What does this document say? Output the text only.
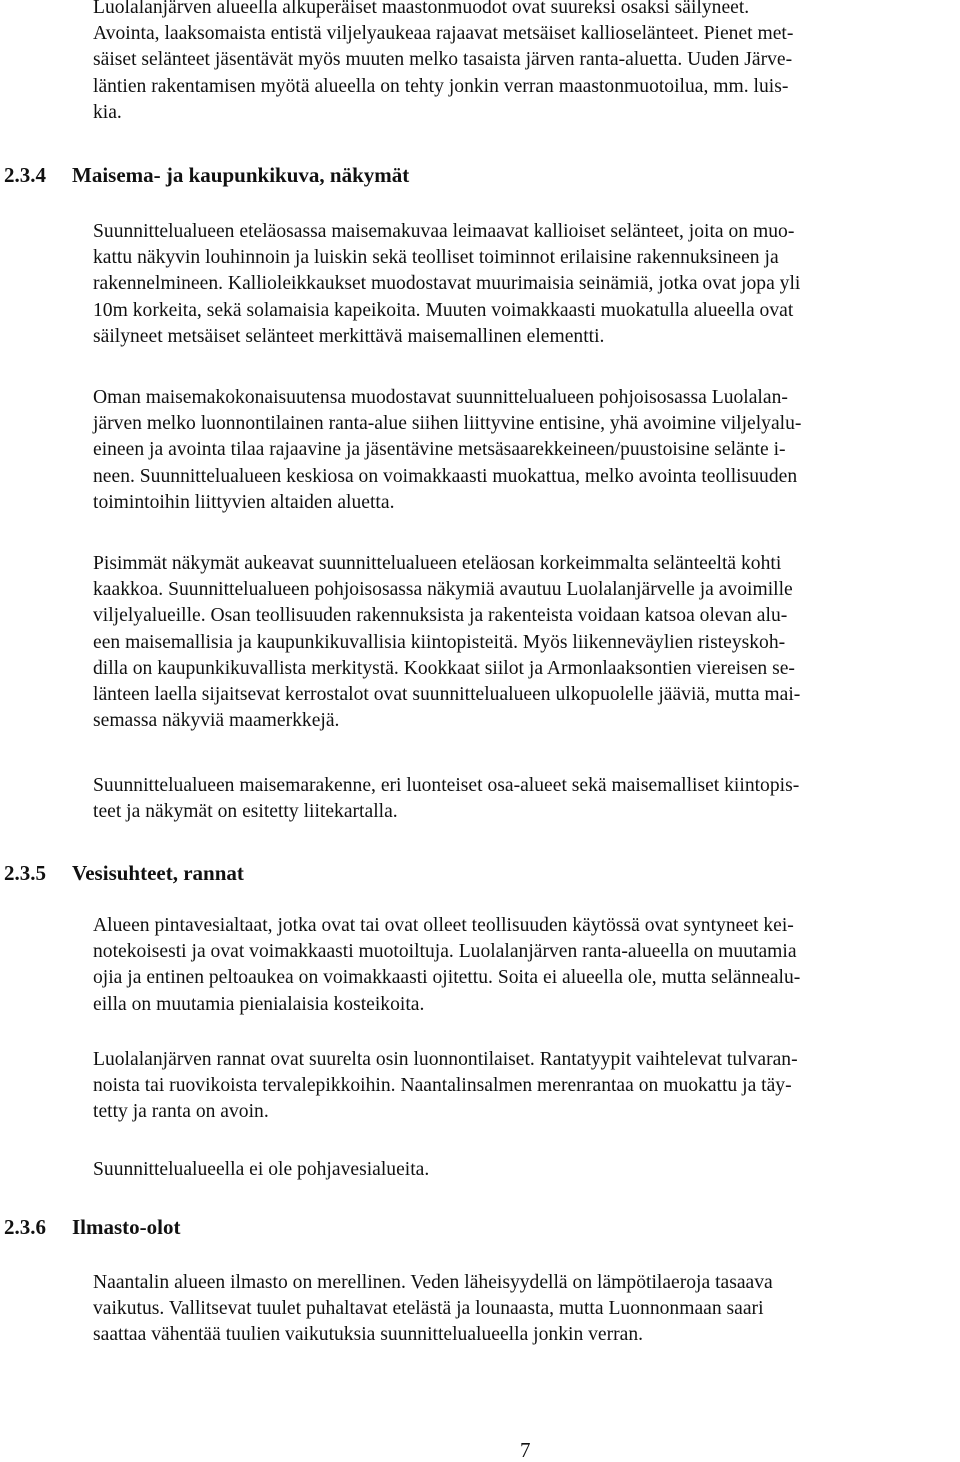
Luolalanjärven alueella alkuperäiset maastonmuodot ovat suureksi osaksi säilyneet.
Avointa, laaksomaista entistä viljelyaukeaa rajaavat metsäiset kallioselänteet. Pienet met-
säiset selänteet jäsentävät myös muuten melko tasaista järven ranta-aluetta. Uuden Järve-
läntien rakentamisen myötä alueella on tehty jonkin verran maastonmuotoilua, mm. luis-
kia.
2.3.4 Maisema- ja kaupunkikuva, näkymät
Suunnittelualueen eteläosassa maisemakuvaa leimaavat kallioiset selänteet, joita on muo-
kattu näkyvin louhinnoin ja luiskin sekä teolliset toiminnot erilaisine rakennuksineen ja
rakennelmineen. Kallioleikkaukset muodostavat muurimaisia seinämiä, jotka ovat jopa yli
10m korkeita, sekä solamaisia kapeikoita. Muuten voimakkaasti muokatulla alueella ovat
säilyneet metsäiset selänteet merkittävä maisemallinen elementti.
Oman maisemakokonaisuutensa muodostavat suunnittelualueen pohjoisosassa Luolalan-
järven melko luonnontilainen ranta-alue siihen liittyvine entisine, yhä avoimine viljelyalu-
eineen ja avointa tilaa rajaavine ja jäsentävine metsäsaarekkeineen/puustoisine selänte i-
neen. Suunnittelualueen keskiosa on voimakkaasti muokattua, melko avointa teollisuuden
toimintoihin liittyvien altaiden aluetta.
Pisimmät näkymät aukeavat suunnittelualueen eteläosan korkeimmalta selänteeltä kohti
kaakkoa. Suunnittelualueen pohjoisosassa näkymiä avautuu Luolalanjärvelle ja avoimille
viljelyalueille. Osan teollisuuden rakennuksista ja rakenteista voidaan katsoa olevan alu-
een maisemallisia ja kaupunkikuvallisia kiintopisteitä. Myös liikenneväylien risteyskoh-
dilla on kaupunkikuvallista merkitystä. Kookkaat siilot ja Armonlaaksontien viereisen se-
länteen laella sijaitsevat kerrostalot ovat suunnittelualueen ulkopuolelle jääviä, mutta mai-
semassa näkyviä maamerkkejä.
Suunnittelualueen maisemarakenne, eri luonteiset osa-alueet sekä maisemalliset kiintopis-
teet ja näkymät on esitetty liitekartalla.
2.3.5 Vesisuhteet, rannat
Alueen pintavesialtaat, jotka ovat tai ovat olleet teollisuuden käytössä ovat syntyneet kei-
notekoisesti ja ovat voimakkaasti muotoiltuja. Luolalanjärven ranta-alueella on muutamia
ojia ja entinen peltoaukea on voimakkaasti ojitettu. Soita ei alueella ole, mutta selännealu-
eilla on muutamia pienialaisia kosteikoita.
Luolalanjärven rannat ovat suurelta osin luonnontilaiset. Rantatyypit vaihtelevat tulvaran-
noista tai ruovikoista tervalepikkoihin. Naantalinsalmen merenrantaa on muokattu ja täy-
tetty ja ranta on avoin.
Suunnittelualueella ei ole pohjavesialueita.
2.3.6 Ilmasto-olot
Naantalin alueen ilmasto on merellinen. Veden läheisyydellä on lämpötilaeroja tasaava
vaikutus. Vallitsevat tuulet puhaltavat etelästä ja lounaasta, mutta Luonnonmaan saari
saattaa vähentää tuulien vaikutuksia suunnittelualueella jonkin verran.
7
